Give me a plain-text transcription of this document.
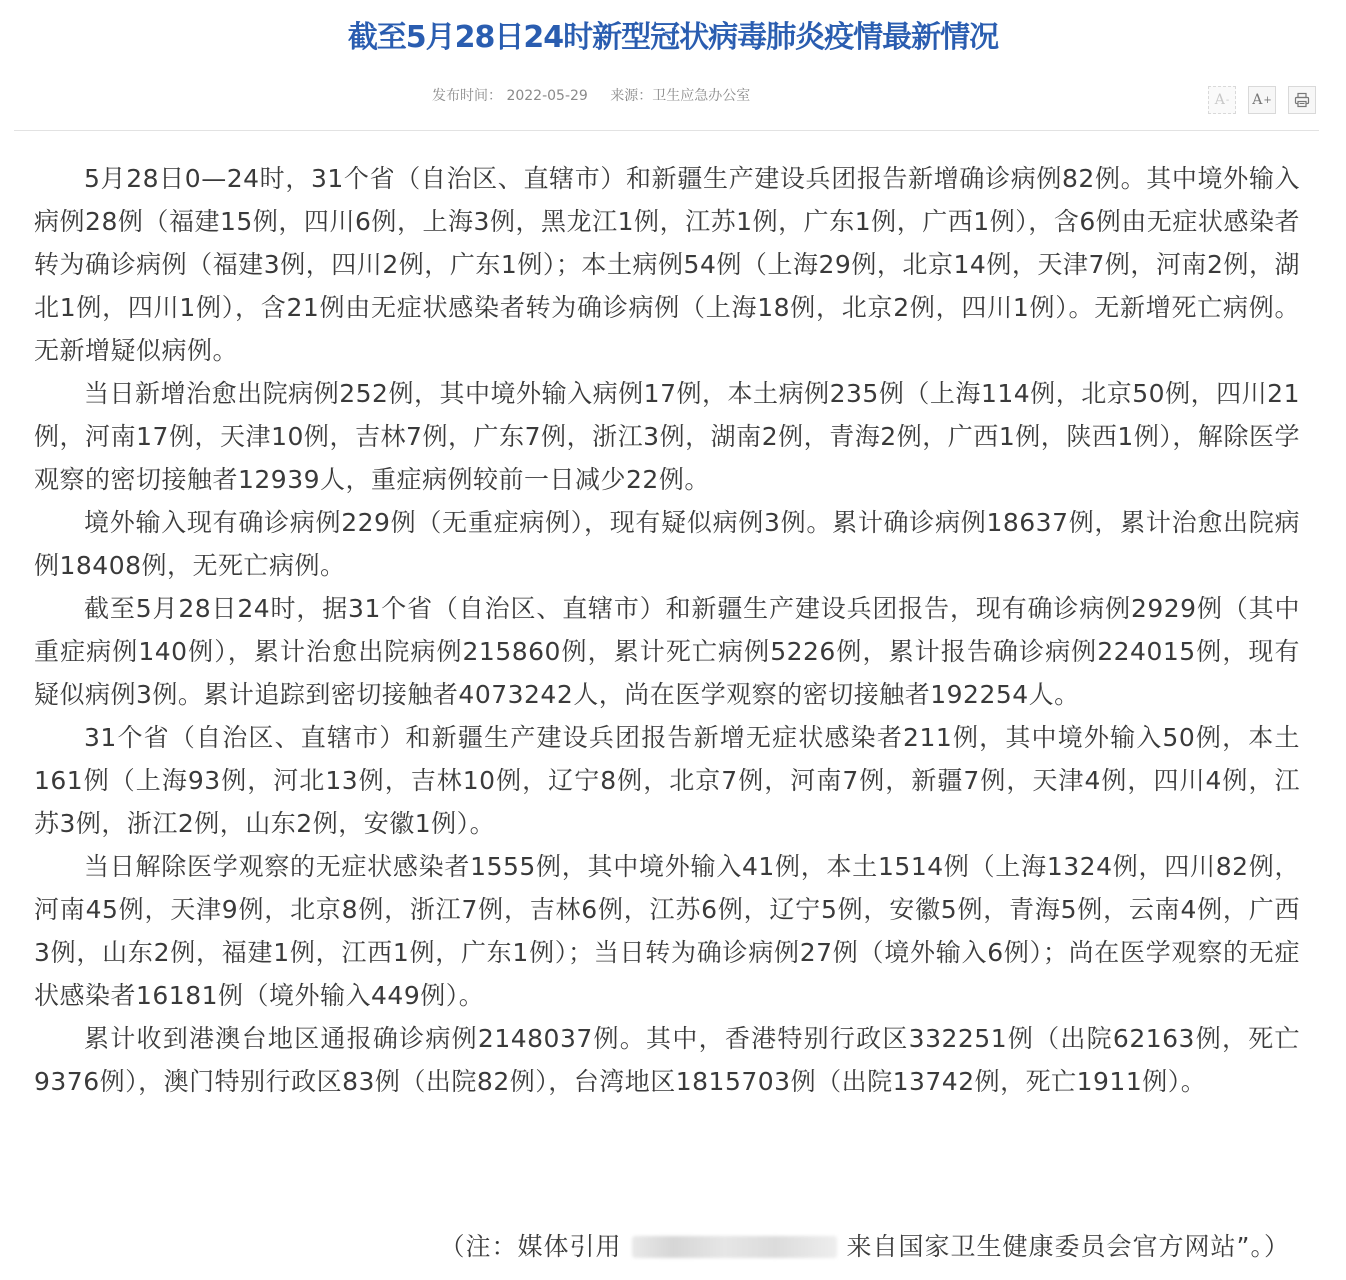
截至5月28日24时新型冠状病毒肺炎疫情最新情况
发布时间： 2022-05-29 来源：卫生应急办公室	A - A +

5月28日0—24时，31个省（自治区、直辖市）和新疆生产建设兵团报告新增确诊病例82例。其中境外输入病例28例（福建15例，四川6例，上海3例，黑龙江1例，江苏1例，广东1例，广西1例），含6例由无症状感染者转为确诊病例（福建3例，四川2例，广东1例）；本土病例54例（上海29例，北京14例，天津7例，河南2例，湖北1例，四川1例），含21例由无症状感染者转为确诊病例（上海18例，北京2例，四川1例）。无新增死亡病例。无新增疑似病例。

当日新增治愈出院病例252例，其中境外输入病例17例，本土病例235例（上海114例，北京50例，四川21例，河南17例，天津10例，吉林7例，广东7例，浙江3例，湖南2例，青海2例，广西1例，陕西1例），解除医学观察的密切接触者12939人，重症病例较前一日减少22例。

境外输入现有确诊病例229例（无重症病例），现有疑似病例3例。累计确诊病例18637例，累计治愈出院病例18408例，无死亡病例。

截至5月28日24时，据31个省（自治区、直辖市）和新疆生产建设兵团报告，现有确诊病例2929例（其中重症病例140例），累计治愈出院病例215860例，累计死亡病例5226例，累计报告确诊病例224015例，现有疑似病例3例。累计追踪到密切接触者4073242人，尚在医学观察的密切接触者192254人。

31个省（自治区、直辖市）和新疆生产建设兵团报告新增无症状感染者211例，其中境外输入50例，本土161例（上海93例，河北13例，吉林10例，辽宁8例，北京7例，河南7例，新疆7例，天津4例，四川4例，江苏3例，浙江2例，山东2例，安徽1例）。

当日解除医学观察的无症状感染者1555例，其中境外输入41例，本土1514例（上海1324例，四川82例，河南45例，天津9例，北京8例，浙江7例，吉林6例，江苏6例，辽宁5例，安徽5例，青海5例，云南4例，广西3例，山东2例，福建1例，江西1例，广东1例）；当日转为确诊病例27例（境外输入6例）；尚在医学观察的无症状感染者16181例（境外输入449例）。

累计收到港澳台地区通报确诊病例2148037例。其中，香港特别行政区332251例（出院62163例，死亡9376例），澳门特别行政区83例（出院82例），台湾地区1815703例（出院13742例，死亡1911例）。

（注：媒体引用	来自国家卫生健康委员会官方网站”。）
